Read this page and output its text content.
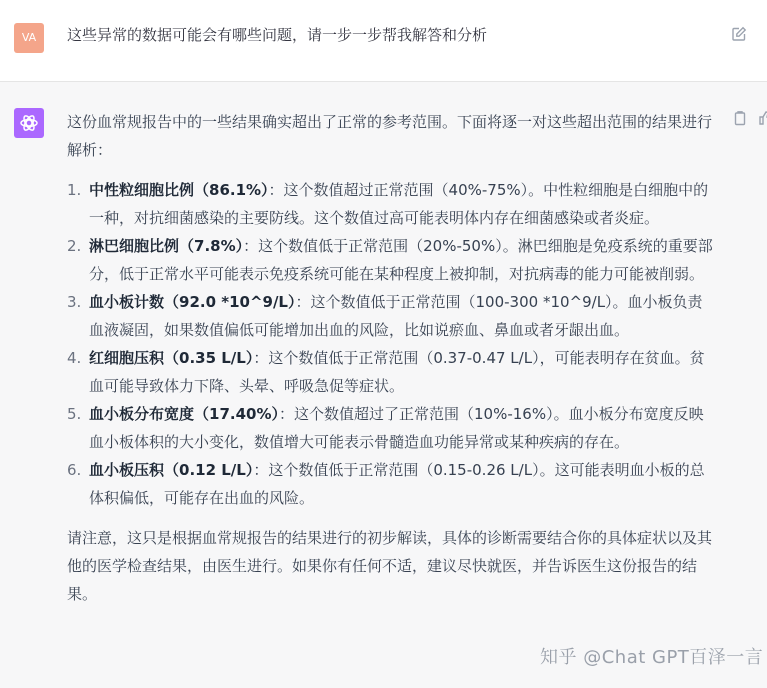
VA	这些异常的数据可能会有哪些问题，请一步一步帮我解答和分析

这份血常规报告中的一些结果确实超出了正常的参考范围。下面将逐一对这些超出范围的结果进行解析：

1. 中性粒细胞比例（86.1%）：这个数值超过正常范围（40%-75%）。中性粒细胞是白细胞中的一种，对抗细菌感染的主要防线。这个数值过高可能表明体内存在细菌感染或者炎症。
2. 淋巴细胞比例（7.8%）：这个数值低于正常范围（20%-50%）。淋巴细胞是免疫系统的重要部分，低于正常水平可能表示免疫系统可能在某种程度上被抑制，对抗病毒的能力可能被削弱。
3. 血小板计数（92.0 *10^9/L）：这个数值低于正常范围（100-300 *10^9/L）。血小板负责血液凝固，如果数值偏低可能增加出血的风险，比如说瘀血、鼻血或者牙龈出血。
4. 红细胞压积（0.35 L/L）：这个数值低于正常范围（0.37-0.47 L/L），可能表明存在贫血。贫血可能导致体力下降、头晕、呼吸急促等症状。
5. 血小板分布宽度（17.40%）：这个数值超过了正常范围（10%-16%）。血小板分布宽度反映血小板体积的大小变化，数值增大可能表示骨髓造血功能异常或某种疾病的存在。
6. 血小板压积（0.12 L/L）：这个数值低于正常范围（0.15-0.26 L/L）。这可能表明血小板的总体积偏低，可能存在出血的风险。

请注意，这只是根据血常规报告的结果进行的初步解读，具体的诊断需要结合你的具体症状以及其他的医学检查结果，由医生进行。如果你有任何不适，建议尽快就医，并告诉医生这份报告的结果。

知乎 @Chat GPT百泽一言
